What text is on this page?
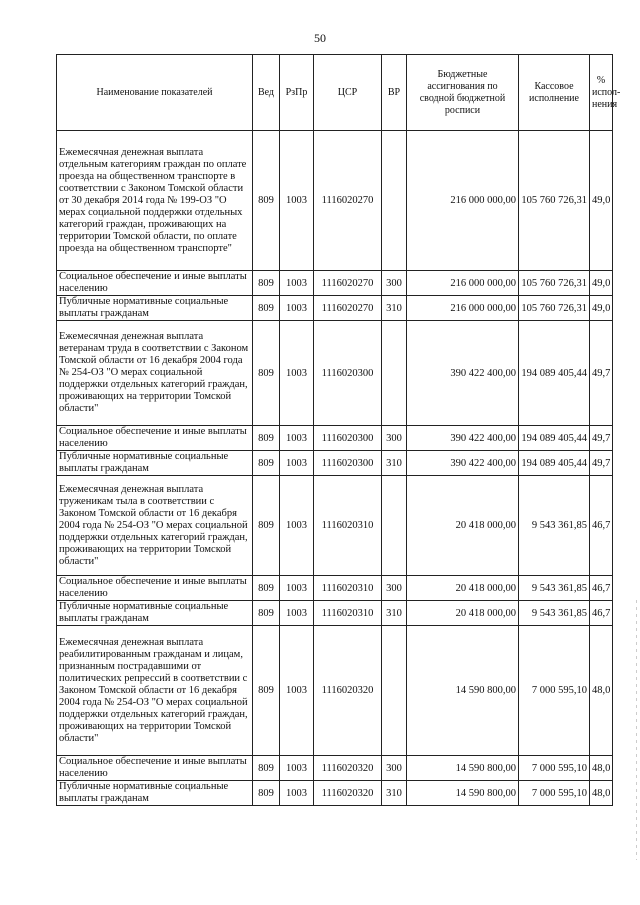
50
Наименование показателей	Вед	РзПр	ЦСР	ВР	Бюджетные ассигнования по сводной бюджетной росписи	Кассовое исполнение	% испол- нения
Ежемесячная денежная выплата отдельным категориям граждан по оплате проезда на общественном транспорте в соответствии с Законом Томской области от 30 декабря 2014 года № 199-ОЗ "О мерах социальной поддержки отдельных категорий граждан, проживающих на территории Томской области, по оплате проезда на общественном транспорте"	809	1003	1116020270		216 000 000,00	105 760 726,31	49,0
Социальное обеспечение и иные выплаты населению	809	1003	1116020270	300	216 000 000,00	105 760 726,31	49,0
Публичные нормативные социальные выплаты гражданам	809	1003	1116020270	310	216 000 000,00	105 760 726,31	49,0
Ежемесячная денежная выплата ветеранам труда в соответствии с Законом Томской области от 16 декабря 2004 года № 254-ОЗ "О мерах социальной поддержки отдельных категорий граждан, проживающих на территории Томской области"	809	1003	1116020300		390 422 400,00	194 089 405,44	49,7
Социальное обеспечение и иные выплаты населению	809	1003	1116020300	300	390 422 400,00	194 089 405,44	49,7
Публичные нормативные социальные выплаты гражданам	809	1003	1116020300	310	390 422 400,00	194 089 405,44	49,7
Ежемесячная денежная выплата труженикам тыла в соответствии с Законом Томской области от 16 декабря 2004 года № 254-ОЗ "О мерах социальной поддержки отдельных категорий граждан, проживающих на территории Томской области"	809	1003	1116020310		20 418 000,00	9 543 361,85	46,7
Социальное обеспечение и иные выплаты населению	809	1003	1116020310	300	20 418 000,00	9 543 361,85	46,7
Публичные нормативные социальные выплаты гражданам	809	1003	1116020310	310	20 418 000,00	9 543 361,85	46,7
Ежемесячная денежная выплата реабилитированным гражданам и лицам, признанным пострадавшими от политических репрессий в соответствии с Законом Томской области от 16 декабря 2004 года № 254-ОЗ "О мерах социальной поддержки отдельных категорий граждан, проживающих на территории Томской области"	809	1003	1116020320		14 590 800,00	7 000 595,10	48,0
Социальное обеспечение и иные выплаты населению	809	1003	1116020320	300	14 590 800,00	7 000 595,10	48,0
Публичные нормативные социальные выплаты гражданам	809	1003	1116020320	310	14 590 800,00	7 000 595,10	48,0
